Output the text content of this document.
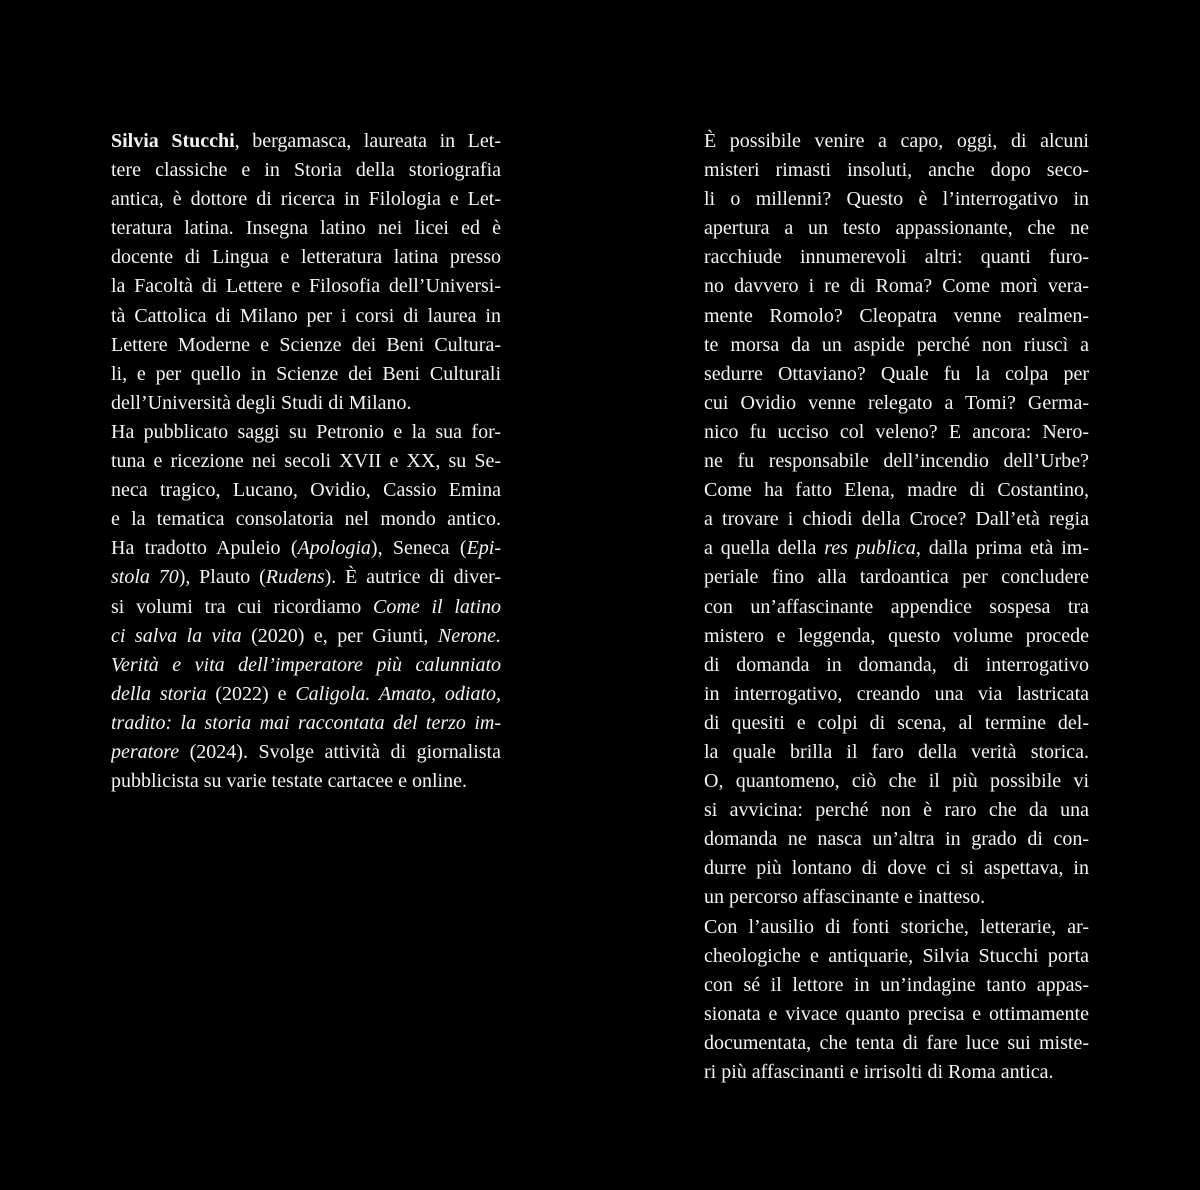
Silvia Stucchi, bergamasca, laureata in Let-
tere classiche e in Storia della storiografia
antica, è dottore di ricerca in Filologia e Let-
teratura latina. Insegna latino nei licei ed è
docente di Lingua e letteratura latina presso
la Facoltà di Lettere e Filosofia dell’Universi-
tà Cattolica di Milano per i corsi di laurea in
Lettere Moderne e Scienze dei Beni Cultura-
li, e per quello in Scienze dei Beni Culturali
dell’Università degli Studi di Milano.
Ha pubblicato saggi su Petronio e la sua for-
tuna e ricezione nei secoli XVII e XX, su Se-
neca tragico, Lucano, Ovidio, Cassio Emina
e la tematica consolatoria nel mondo antico.
Ha tradotto Apuleio (Apologia), Seneca (Epi-
stola 70), Plauto (Rudens). È autrice di diver-
si volumi tra cui ricordiamo Come il latino
ci salva la vita (2020) e, per Giunti, Nerone.
Verità e vita dell’imperatore più calunniato
della storia (2022) e Caligola. Amato, odiato,
tradito: la storia mai raccontata del terzo im-
peratore (2024). Svolge attività di giornalista
pubblicista su varie testate cartacee e online.
È possibile venire a capo, oggi, di alcuni
misteri rimasti insoluti, anche dopo seco-
li o millenni? Questo è l’interrogativo in
apertura a un testo appassionante, che ne
racchiude innumerevoli altri: quanti furo-
no davvero i re di Roma? Come morì vera-
mente Romolo? Cleopatra venne realmen-
te morsa da un aspide perché non riuscì a
sedurre Ottaviano? Quale fu la colpa per
cui Ovidio venne relegato a Tomi? Germa-
nico fu ucciso col veleno? E ancora: Nero-
ne fu responsabile dell’incendio dell’Urbe?
Come ha fatto Elena, madre di Costantino,
a trovare i chiodi della Croce? Dall’età regia
a quella della res publica, dalla prima età im-
periale fino alla tardoantica per concludere
con un’affascinante appendice sospesa tra
mistero e leggenda, questo volume procede
di domanda in domanda, di interrogativo
in interrogativo, creando una via lastricata
di quesiti e colpi di scena, al termine del-
la quale brilla il faro della verità storica.
O, quantomeno, ciò che il più possibile vi
si avvicina: perché non è raro che da una
domanda ne nasca un’altra in grado di con-
durre più lontano di dove ci si aspettava, in
un percorso affascinante e inatteso.
Con l’ausilio di fonti storiche, letterarie, ar-
cheologiche e antiquarie, Silvia Stucchi porta
con sé il lettore in un’indagine tanto appas-
sionata e vivace quanto precisa e ottimamente
documentata, che tenta di fare luce sui miste-
ri più affascinanti e irrisolti di Roma antica.
